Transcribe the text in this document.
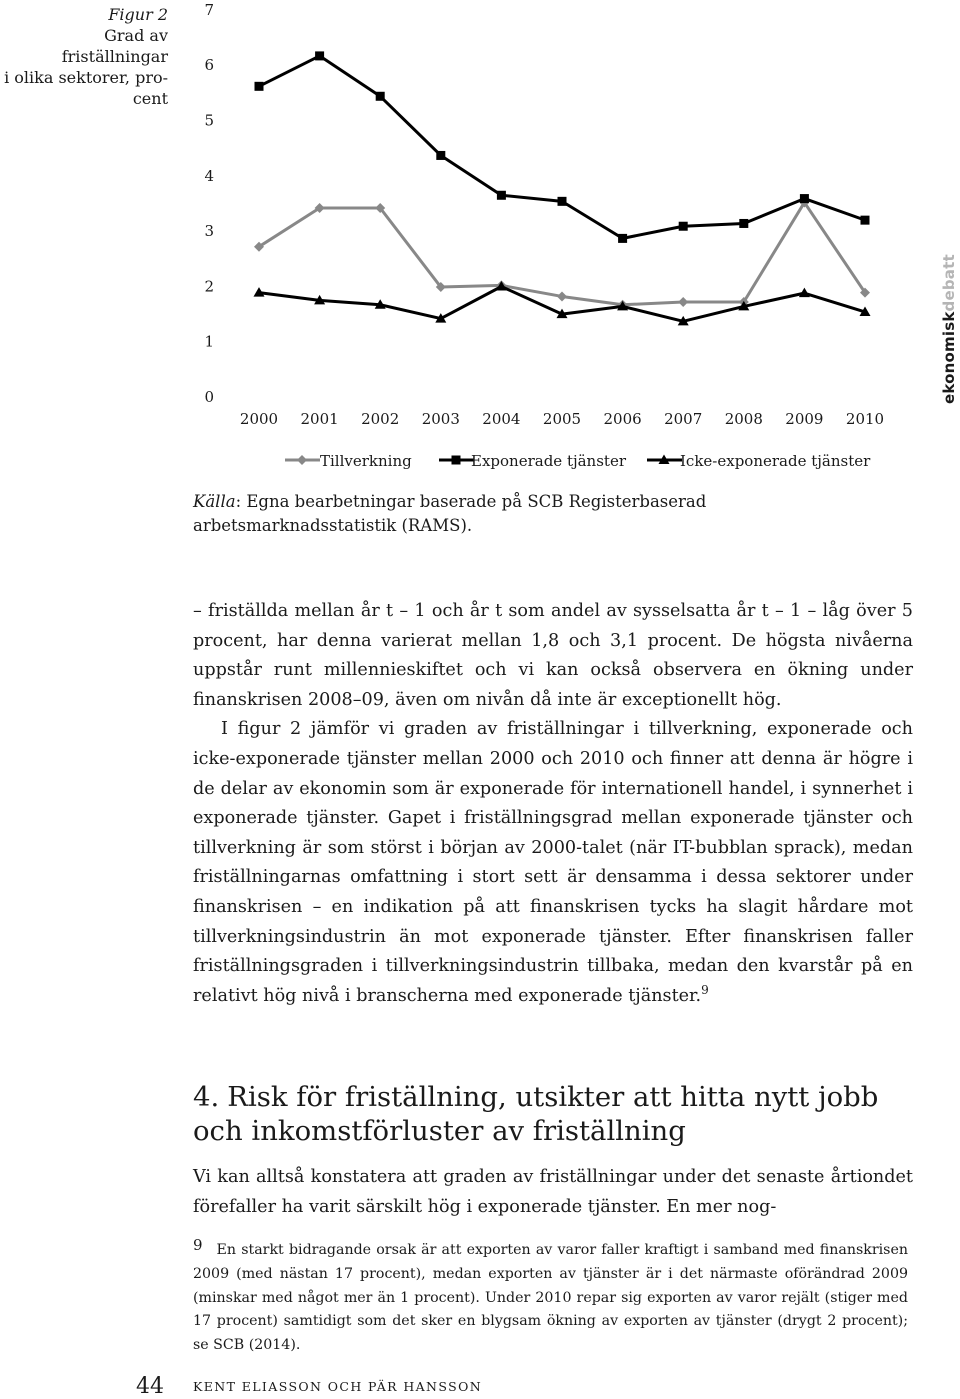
Figur 2
Grad av friställningar
i olika sektorer, pro-
cent
0
1
2
3
4
5
6
7
2000 2001 2002 2003 2004 2005 2006 2007 2008 2009 2010
Tillverkning	Exponerade tjänster	Icke-exponerade tjänster
ekonomiskdebatt
Källa: Egna bearbetningar baserade på SCB Registerbaserad arbetsmarknadsstatistik (RAMS).

– friställda mellan år t – 1 och år t som andel av sysselsatta år t – 1 – låg över 5 procent, har denna varierat mellan 1,8 och 3,1 procent. De högsta nivåerna uppstår runt millennieskiftet och vi kan också observera en ökning under finanskrisen 2008–09, även om nivån då inte är exceptionellt hög.

I figur 2 jämför vi graden av friställningar i tillverkning, exponerade och icke-exponerade tjänster mellan 2000 och 2010 och finner att denna är högre i de delar av ekonomin som är exponerade för internationell handel, i synnerhet i exponerade tjänster. Gapet i friställningsgrad mellan exponerade tjänster och tillverkning är som störst i början av 2000-talet (när IT-bubblan sprack), medan friställningarnas omfattning i stort sett är densamma i dessa sektorer under finanskrisen – en indikation på att finanskrisen tycks ha slagit hårdare mot tillverkningsindustrin än mot exponerade tjänster. Efter finanskrisen faller friställningsgraden i tillverkningsindustrin tillbaka, medan den kvarstår på en relativt hög nivå i branscherna med exponerade tjänster.$^9$

4. Risk för friställning, utsikter att hitta nytt jobb och inkomstförluster av friställning
Vi kan alltså konstatera att graden av friställningar under det senaste årtiondet förefaller ha varit särskilt hög i exponerade tjänster. En mer nog-

9 En starkt bidragande orsak är att exporten av varor faller kraftigt i samband med finanskrisen 2009 (med nästan 17 procent), medan exporten av tjänster är i det närmaste oförändrad 2009 (minskar med något mer än 1 procent). Under 2010 repar sig exporten av varor rejält (stiger med 17 procent) samtidigt som det sker en blygsam ökning av exporten av tjänster (drygt 2 procent); se SCB (2014).

44 KENT ELIASSON OCH PÄR HANSSON
